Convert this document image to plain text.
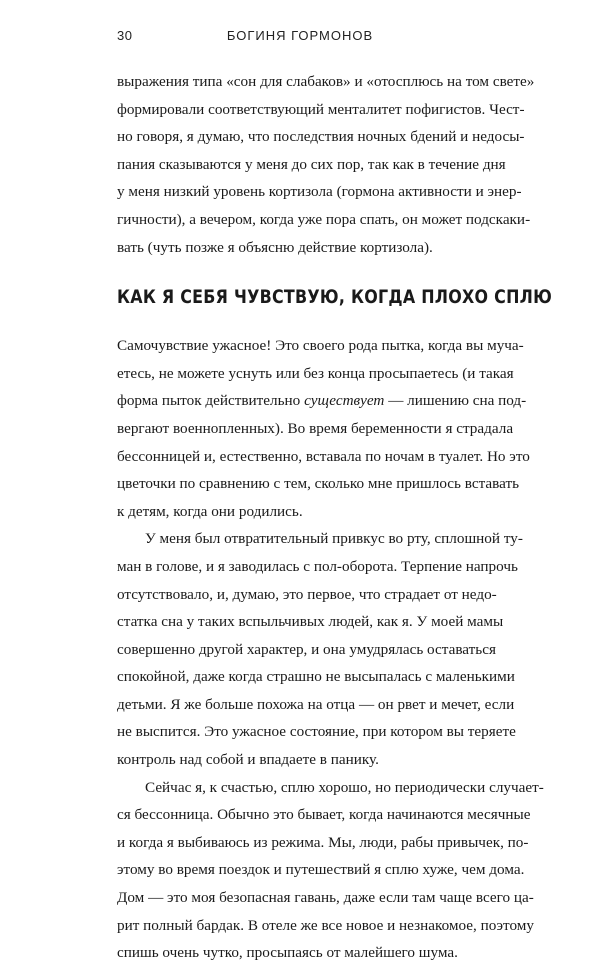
30	БОГИНЯ ГОРМОНОВ
выражения типа «сон для слабаков» и «отосплюсь на том свете»
формировали соответствующий менталитет пофигистов. Чест-
но говоря, я думаю, что последствия ночных бдений и недосы-
пания сказываются у меня до сих пор, так как в течение дня
у меня низкий уровень кортизола (гормона активности и энер-
гичности), а вечером, когда уже пора спать, он может подскаки-
вать (чуть позже я объясню действие кортизола).
КАК Я СЕБЯ ЧУВСТВУЮ, КОГДА ПЛОХО СПЛЮ
Самочувствие ужасное! Это своего рода пытка, когда вы муча-
етесь, не можете уснуть или без конца просыпаетесь (и такая
форма пыток действительно существует — лишению сна под-
вергают военнопленных). Во время беременности я страдала
бессонницей и, естественно, вставала по ночам в туалет. Но это
цветочки по сравнению с тем, сколько мне пришлось вставать
к детям, когда они родились.
У меня был отвратительный привкус во рту, сплошной ту-
ман в голове, и я заводилась с пол-оборота. Терпение напрочь
отсутствовало, и, думаю, это первое, что страдает от недо-
статка сна у таких вспыльчивых людей, как я. У моей мамы
совершенно другой характер, и она умудрялась оставаться
спокойной, даже когда страшно не высыпалась с маленькими
детьми. Я же больше похожа на отца — он рвет и мечет, если
не выспится. Это ужасное состояние, при котором вы теряете
контроль над собой и впадаете в панику.
Сейчас я, к счастью, сплю хорошо, но периодически случает-
ся бессонница. Обычно это бывает, когда начинаются месячные
и когда я выбиваюсь из режима. Мы, люди, рабы привычек, по-
этому во время поездок и путешествий я сплю хуже, чем дома.
Дом — это моя безопасная гавань, даже если там чаще всего ца-
рит полный бардак. В отеле же все новое и незнакомое, поэтому
спишь очень чутко, просыпаясь от малейшего шума.
